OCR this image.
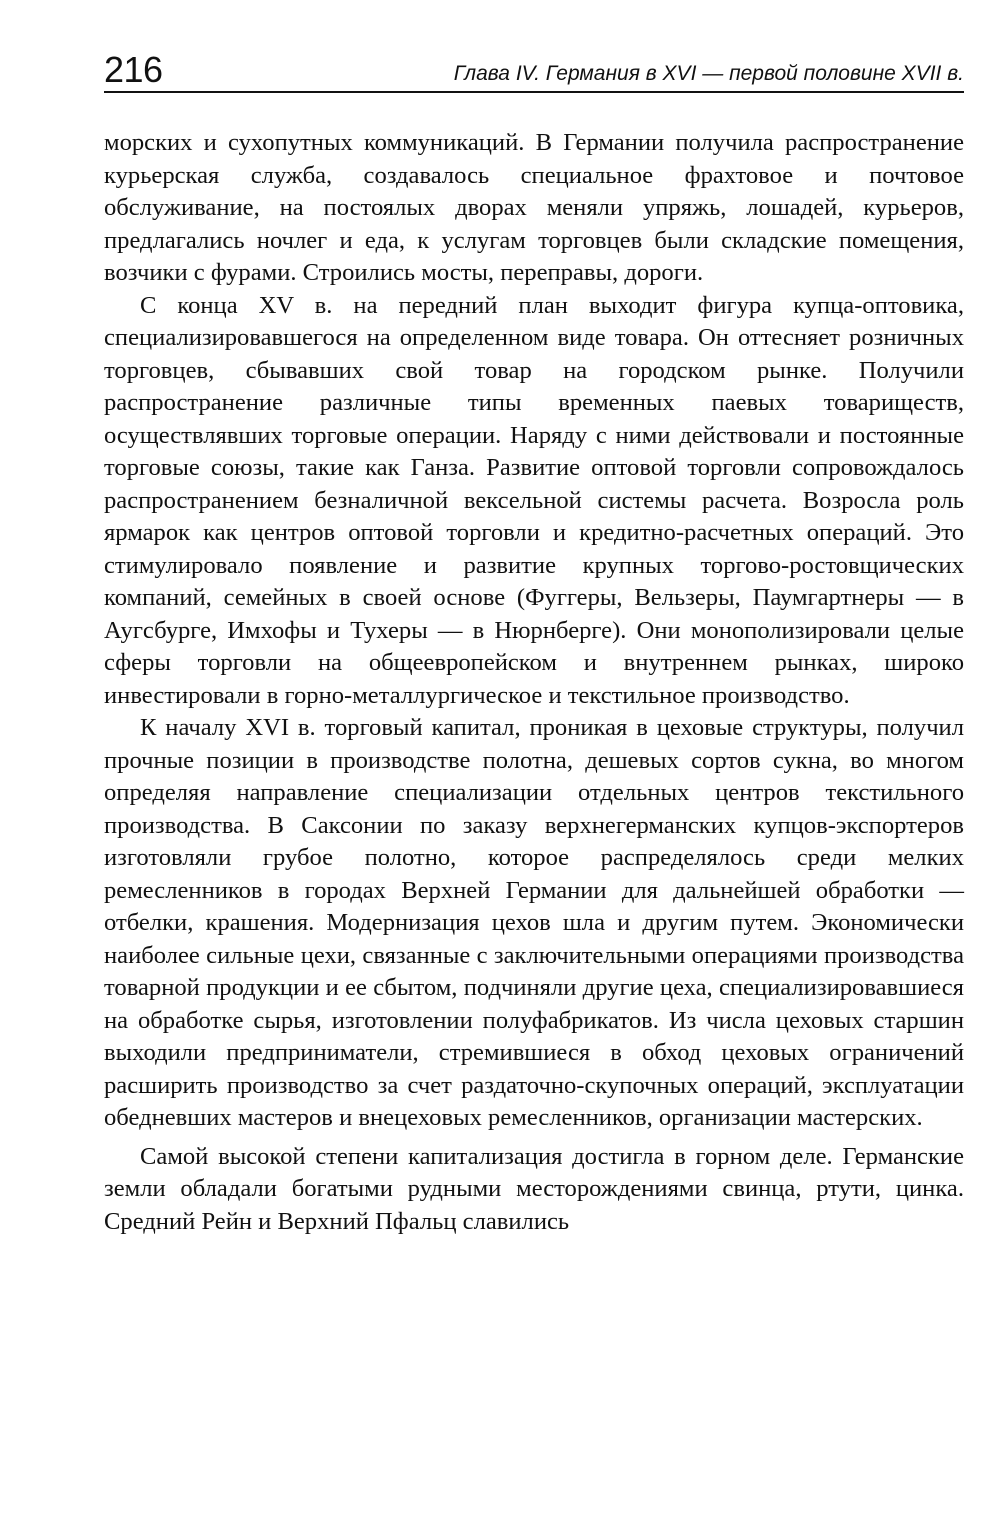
216	Глава IV. Германия в XVI — первой половине XVII в.

морских и сухопутных коммуникаций. В Германии получила распространение курьерская служба, создавалось специальное фрахтовое и почтовое обслуживание, на постоялых дворах меняли упряжь, лошадей, курьеров, предлагались ночлег и еда, к услугам торговцев были складские помещения, возчики с фурами. Строились мосты, переправы, дороги.

С конца XV в. на передний план выходит фигура купца-оптовика, специализировавшегося на определенном виде товара. Он оттесняет розничных торговцев, сбывавших свой товар на городском рынке. Получили распространение различные типы временных паевых товариществ, осуществлявших торговые операции. Наряду с ними действовали и постоянные торговые союзы, такие как Ганза. Развитие оптовой торговли сопровождалось распространением безналичной вексельной системы расчета. Возросла роль ярмарок как центров оптовой торговли и кредитно-расчетных операций. Это стимулировало появление и развитие крупных торгово-ростовщических компаний, семейных в своей основе (Фуггеры, Вельзеры, Паумгартнеры — в Аугсбурге, Имхофы и Тухеры — в Нюрнберге). Они монополизировали целые сферы торговли на общеевропейском и внутреннем рынках, широко инвестировали в горно-металлургическое и текстильное производство.

К началу XVI в. торговый капитал, проникая в цеховые структуры, получил прочные позиции в производстве полотна, дешевых сортов сукна, во многом определяя направление специализации отдельных центров текстильного производства. В Саксонии по заказу верхнегерманских купцов-экспортеров изготовляли грубое полотно, которое распределялось среди мелких ремесленников в городах Верхней Германии для дальнейшей обработки — отбелки, крашения. Модернизация цехов шла и другим путем. Экономически наиболее сильные цехи, связанные с заключительными операциями производства товарной продукции и ее сбытом, подчиняли другие цеха, специализировавшиеся на обработке сырья, изготовлении полуфабрикатов. Из числа цеховых старшин выходили предприниматели, стремившиеся в обход цеховых ограничений расширить производство за счет раздаточно-скупочных операций, эксплуатации обедневших мастеров и внецеховых ремесленников, организации мастерских.

Самой высокой степени капитализация достигла в горном деле. Германские земли обладали богатыми рудными месторождениями свинца, ртути, цинка. Средний Рейн и Верхний Пфальц славились
